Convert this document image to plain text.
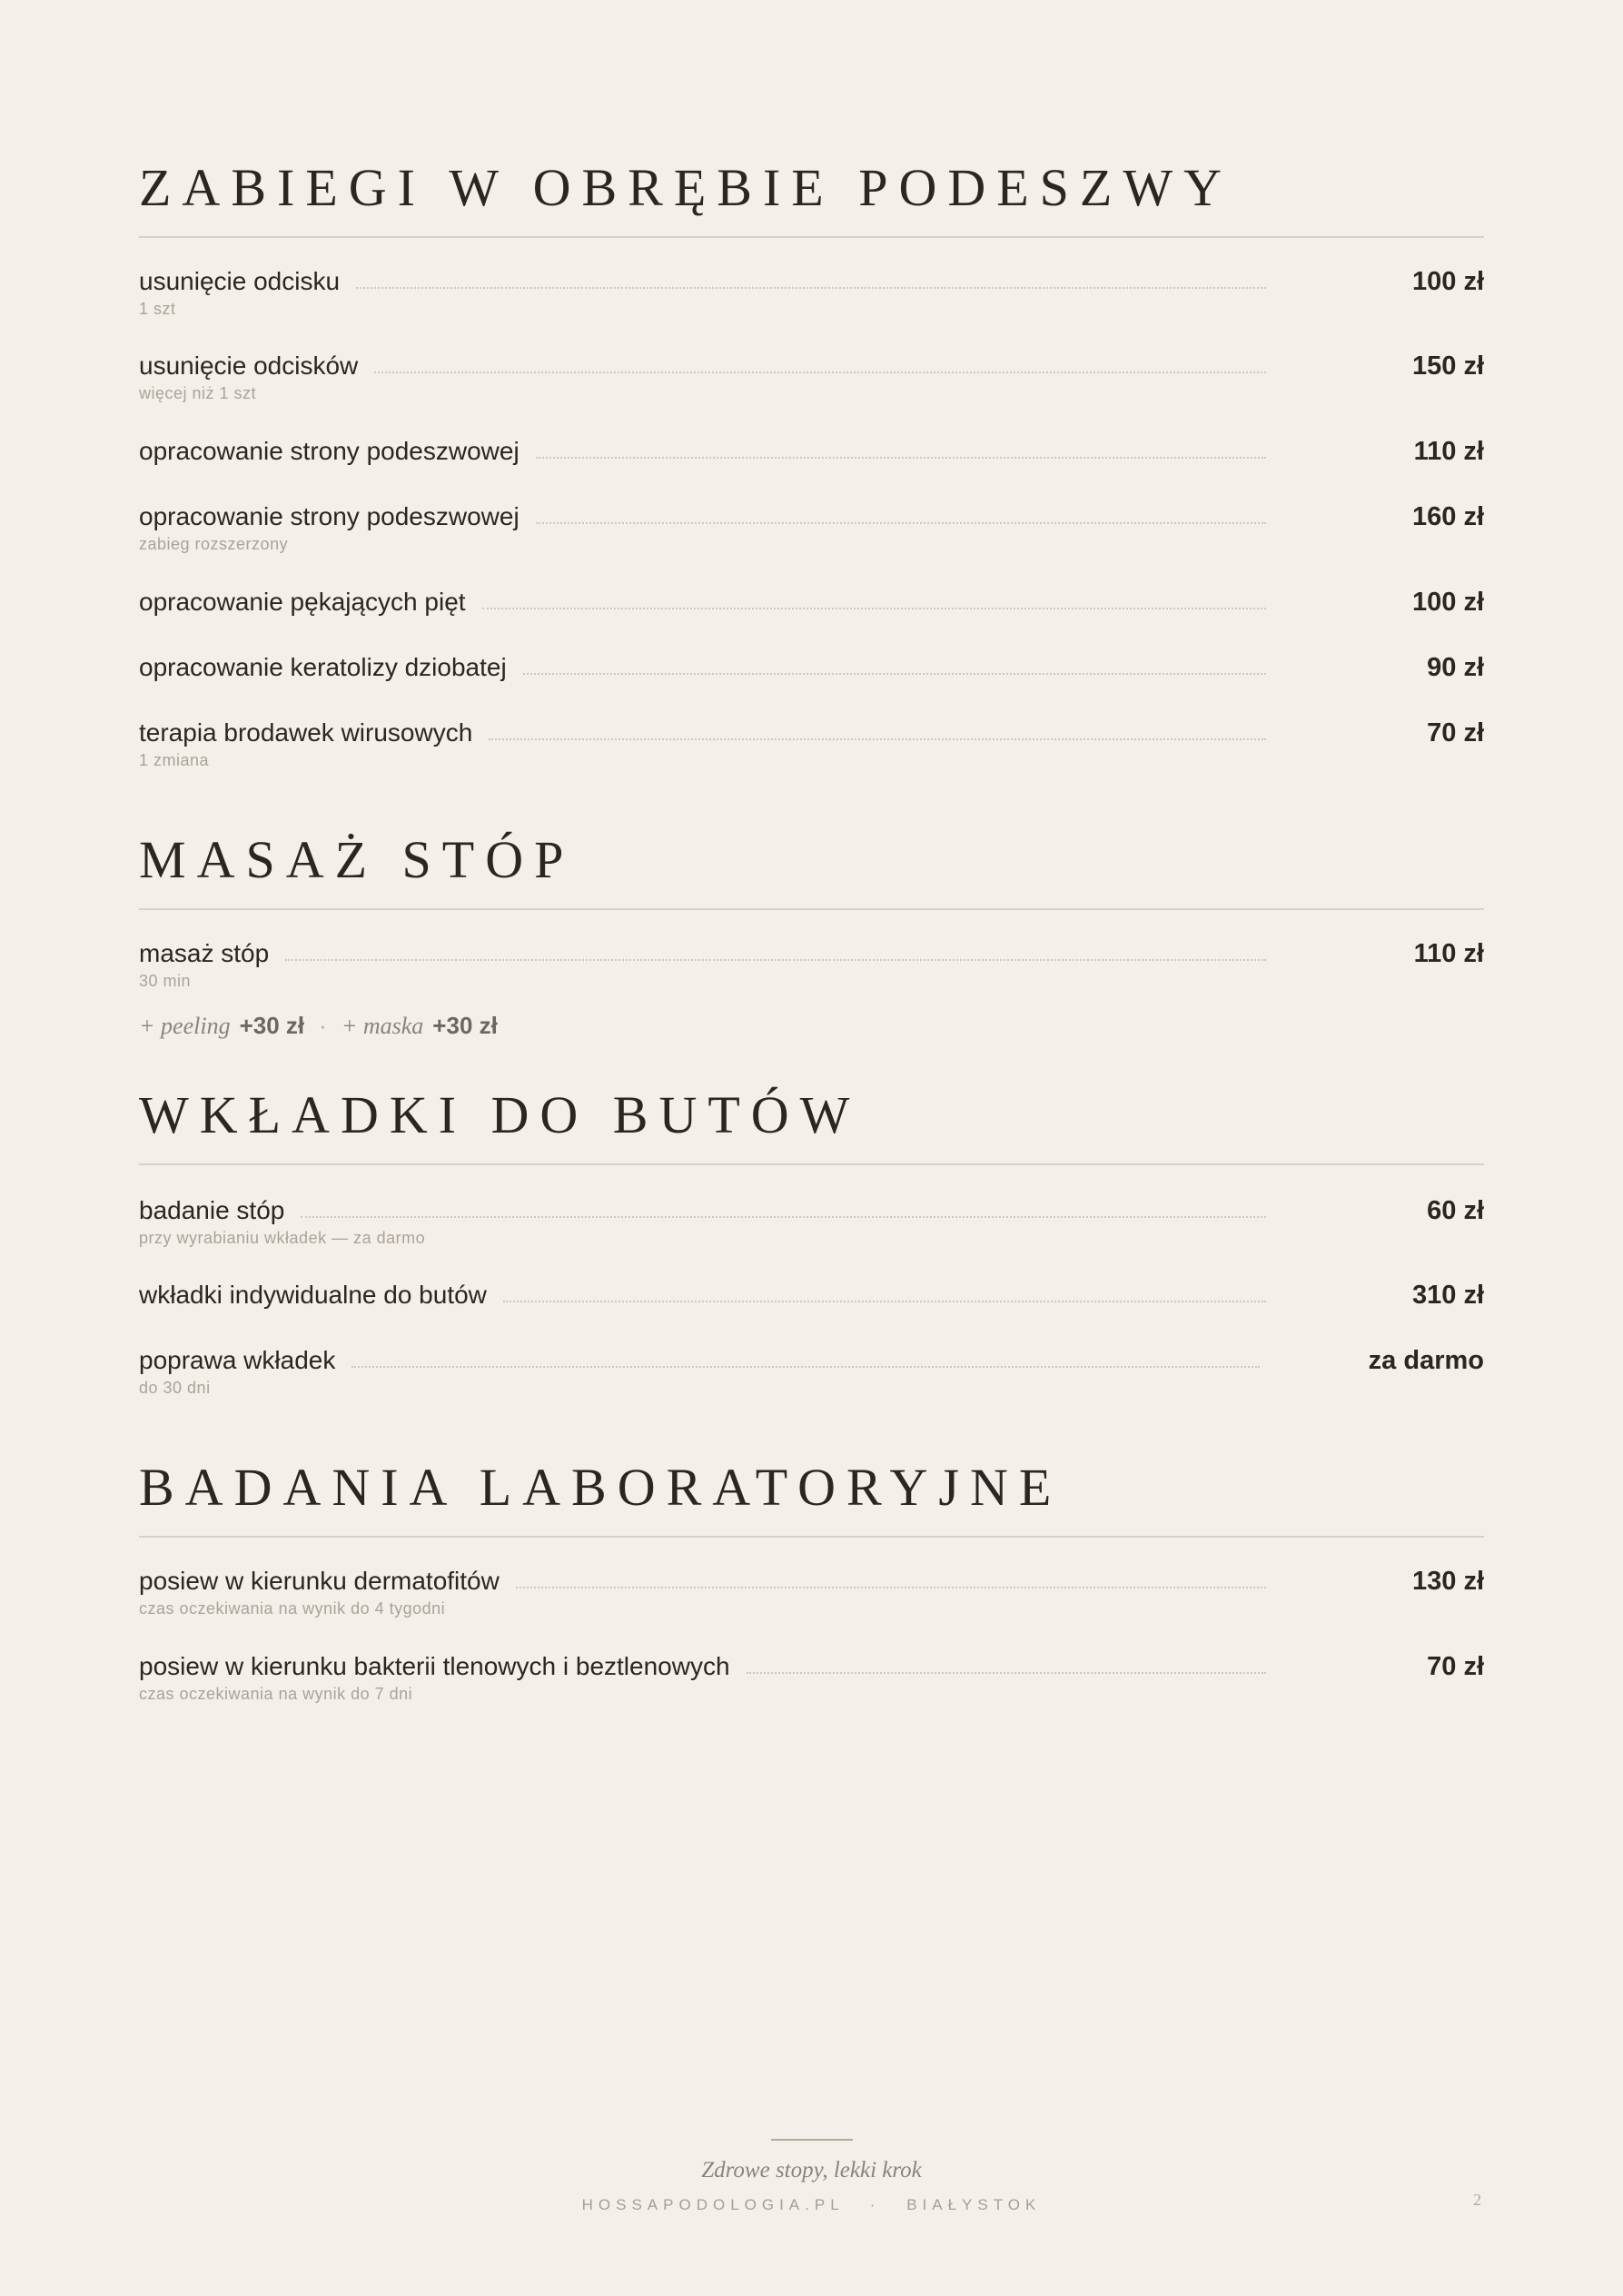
ZABIEGI W OBRĘBIE PODESZWY
usunięcie odcisku	100 zł
1 szt
usunięcie odcisków	150 zł
więcej niż 1 szt
opracowanie strony podeszwowej	110 zł
opracowanie strony podeszwowej	160 zł
zabieg rozszerzony
opracowanie pękających pięt	100 zł
opracowanie keratolizy dziobatej	90 zł
terapia brodawek wirusowych	70 zł
1 zmiana
MASAŻ STÓP
masaż stóp	110 zł
30 min
+ peeling +30 zł · + maska +30 zł
WKŁADKI DO BUTÓW
badanie stóp	60 zł
przy wyrabianiu wkładek — za darmo
wkładki indywidualne do butów	310 zł
poprawa wkładek	za darmo
do 30 dni
BADANIA LABORATORYJNE
posiew w kierunku dermatofitów	130 zł
czas oczekiwania na wynik do 4 tygodni
posiew w kierunku bakterii tlenowych i beztlenowych	70 zł
czas oczekiwania na wynik do 7 dni
Zdrowe stopy, lekki krok
HOSSAPODOLOGIA.PL · BIAŁYSTOK	2
